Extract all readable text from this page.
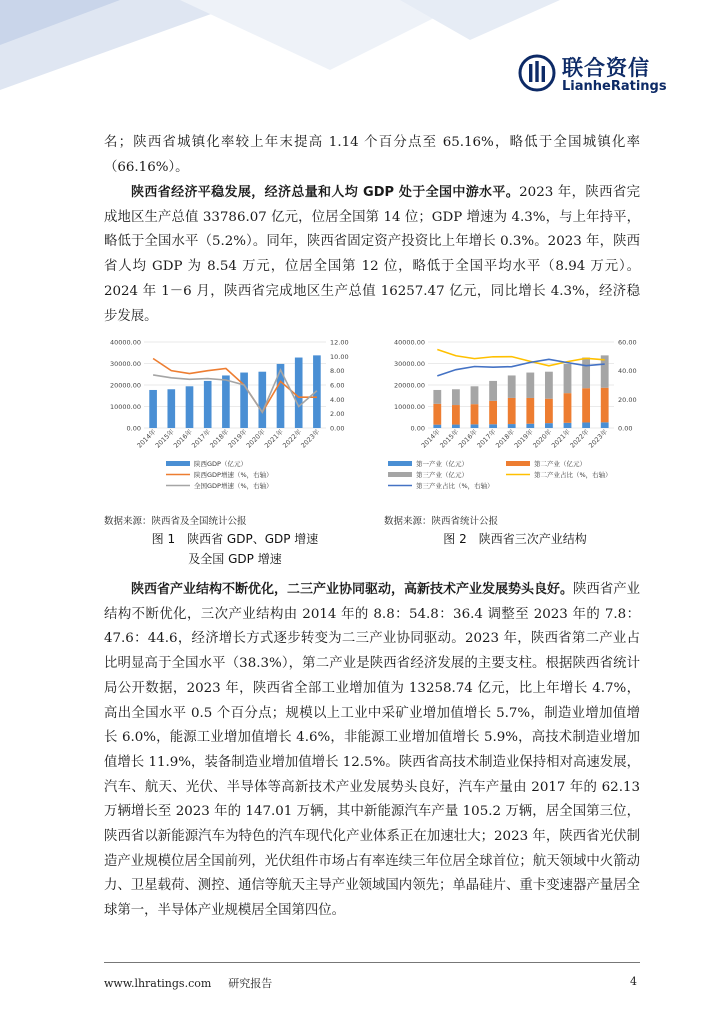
联合资信
LianheRatings

名；陕西省城镇化率较上年末提高 1.14 个百分点至 65.16%，略低于全国城镇化率（66.16%）。

陕西省经济平稳发展，经济总量和人均 GDP 处于全国中游水平。2023 年，陕西省完成地区生产总值 33786.07 亿元，位居全国第 14 位；GDP 增速为 4.3%，与上年持平，略低于全国水平（5.2%）。同年，陕西省固定资产投资比上年增长 0.3%。2023 年，陕西省人均 GDP 为 8.54 万元，位居全国第 12 位，略低于全国平均水平（8.94 万元）。2024 年 1－6 月，陕西省完成地区生产总值 16257.47 亿元，同比增长 4.3%，经济稳步发展。

0.00
10000.00
20000.00
30000.00
40000.00
0.00
2.00
4.00
6.00
8.00
10.00
12.00
2014年
2015年
2016年
2017年
2018年
2019年
2020年
2021年
2022年
2023年
陕西GDP（亿元）
陕西GDP增速（%，右轴）
全国GDP增速（%，右轴）
数据来源：陕西省及全国统计公报
图 1　陕西省 GDP、GDP 增速
及全国 GDP 增速
0.00
10000.00
20000.00
30000.00
40000.00
0.00
20.00
40.00
60.00
2014年
2015年
2016年
2017年
2018年
2019年
2020年
2021年
2022年
2023年
第一产业（亿元）	第二产业（亿元）
第三产业（亿元）	第二产业占比（%，右轴）
第三产业占比（%，右轴）
数据来源：陕西省统计公报
图 2　陕西省三次产业结构

陕西省产业结构不断优化，二三产业协同驱动，高新技术产业发展势头良好。陕西省产业结构不断优化，三次产业结构由 2014 年的 8.8：54.8：36.4 调整至 2023 年的 7.8：47.6：44.6，经济增长方式逐步转变为二三产业协同驱动。2023 年，陕西省第二产业占比明显高于全国水平（38.3%），第二产业是陕西省经济发展的主要支柱。根据陕西省统计局公开数据，2023 年，陕西省全部工业增加值为 13258.74 亿元，比上年增长 4.7%，高出全国水平 0.5 个百分点；规模以上工业中采矿业增加值增长 5.7%，制造业增加值增长 6.0%，能源工业增加值增长 4.6%，非能源工业增加值增长 5.9%，高技术制造业增加值增长 11.9%，装备制造业增加值增长 12.5%。陕西省高技术制造业保持相对高速发展，汽车、航天、光伏、半导体等高新技术产业发展势头良好，汽车产量由 2017 年的 62.13 万辆增长至 2023 年的 147.01 万辆，其中新能源汽车产量 105.2 万辆，居全国第三位，陕西省以新能源汽车为特色的汽车现代化产业体系正在加速壮大；2023 年，陕西省光伏制造产业规模位居全国前列，光伏组件市场占有率连续三年位居全球首位；航天领域中火箭动力、卫星载荷、测控、通信等航天主导产业领域国内领先；单晶硅片、重卡变速器产量居全球第一，半导体产业规模居全国第四位。

www.lhratings.com 研究报告	4
